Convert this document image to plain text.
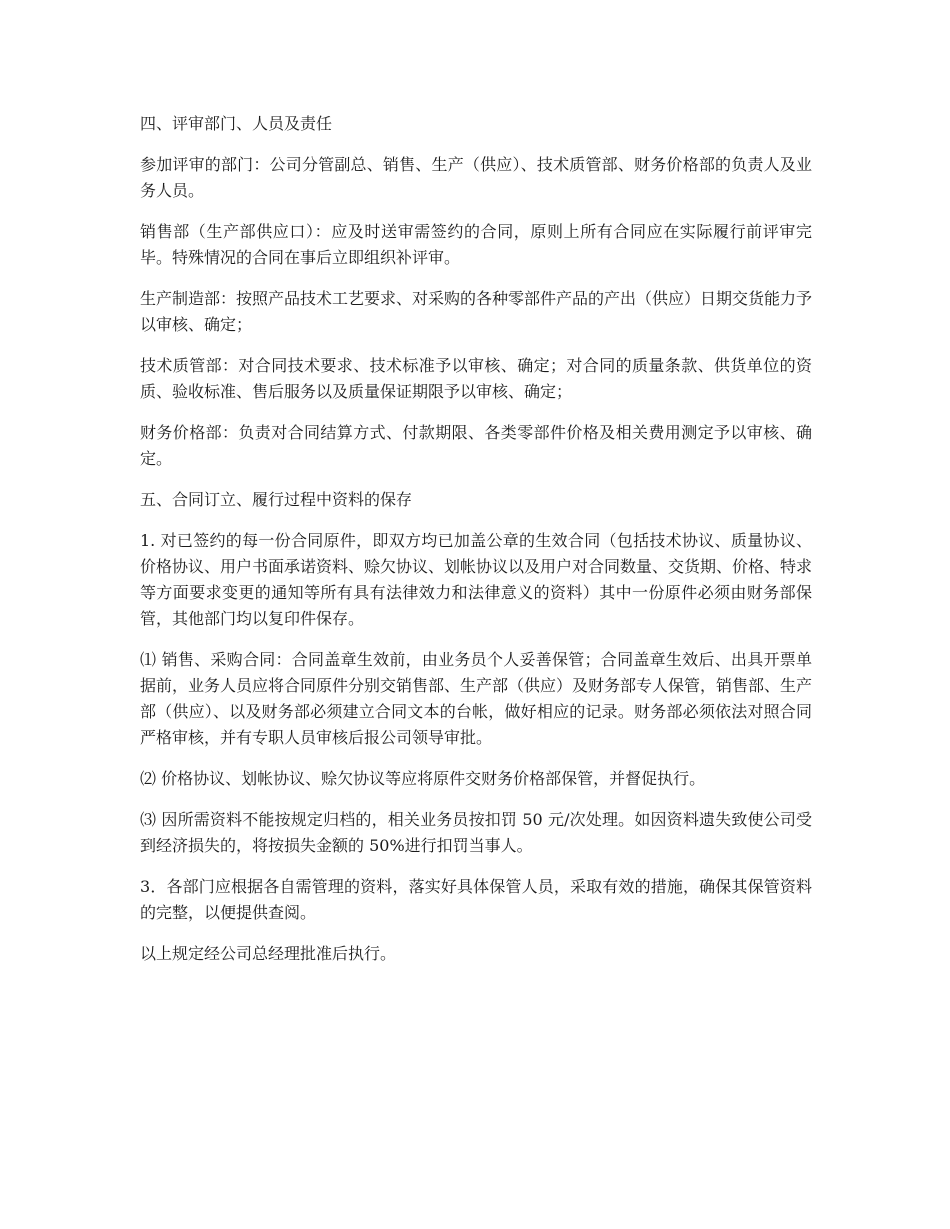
四、评审部门、人员及责任

参加评审的部门：公司分管副总、销售、生产（供应）、技术质管部、财务价格部的负责人及业务人员。

销售部（生产部供应口）：应及时送审需签约的合同，原则上所有合同应在实际履行前评审完毕。特殊情况的合同在事后立即组织补评审。

生产制造部：按照产品技术工艺要求、对采购的各种零部件产品的产出（供应）日期交货能力予以审核、确定；

技术质管部：对合同技术要求、技术标准予以审核、确定；对合同的质量条款、供货单位的资质、验收标准、售后服务以及质量保证期限予以审核、确定；

财务价格部：负责对合同结算方式、付款期限、各类零部件价格及相关费用测定予以审核、确定。

五、合同订立、履行过程中资料的保存

1. 对已签约的每一份合同原件，即双方均已加盖公章的生效合同（包括技术协议、质量协议、价格协议、用户书面承诺资料、赊欠协议、划帐协议以及用户对合同数量、交货期、价格、特求等方面要求变更的通知等所有具有法律效力和法律意义的资料）其中一份原件必须由财务部保管，其他部门均以复印件保存。

⑴ 销售、采购合同：合同盖章生效前，由业务员个人妥善保管；合同盖章生效后、出具开票单据前，业务人员应将合同原件分别交销售部、生产部（供应）及财务部专人保管，销售部、生产部（供应）、以及财务部必须建立合同文本的台帐，做好相应的记录。财务部必须依法对照合同严格审核，并有专职人员审核后报公司领导审批。

⑵ 价格协议、划帐协议、赊欠协议等应将原件交财务价格部保管，并督促执行。

⑶ 因所需资料不能按规定归档的，相关业务员按扣罚 50 元/次处理。如因资料遗失致使公司受到经济损失的，将按损失金额的 50%进行扣罚当事人。

3．各部门应根据各自需管理的资料，落实好具体保管人员，采取有效的措施，确保其保管资料的完整，以便提供查阅。

以上规定经公司总经理批准后执行。
